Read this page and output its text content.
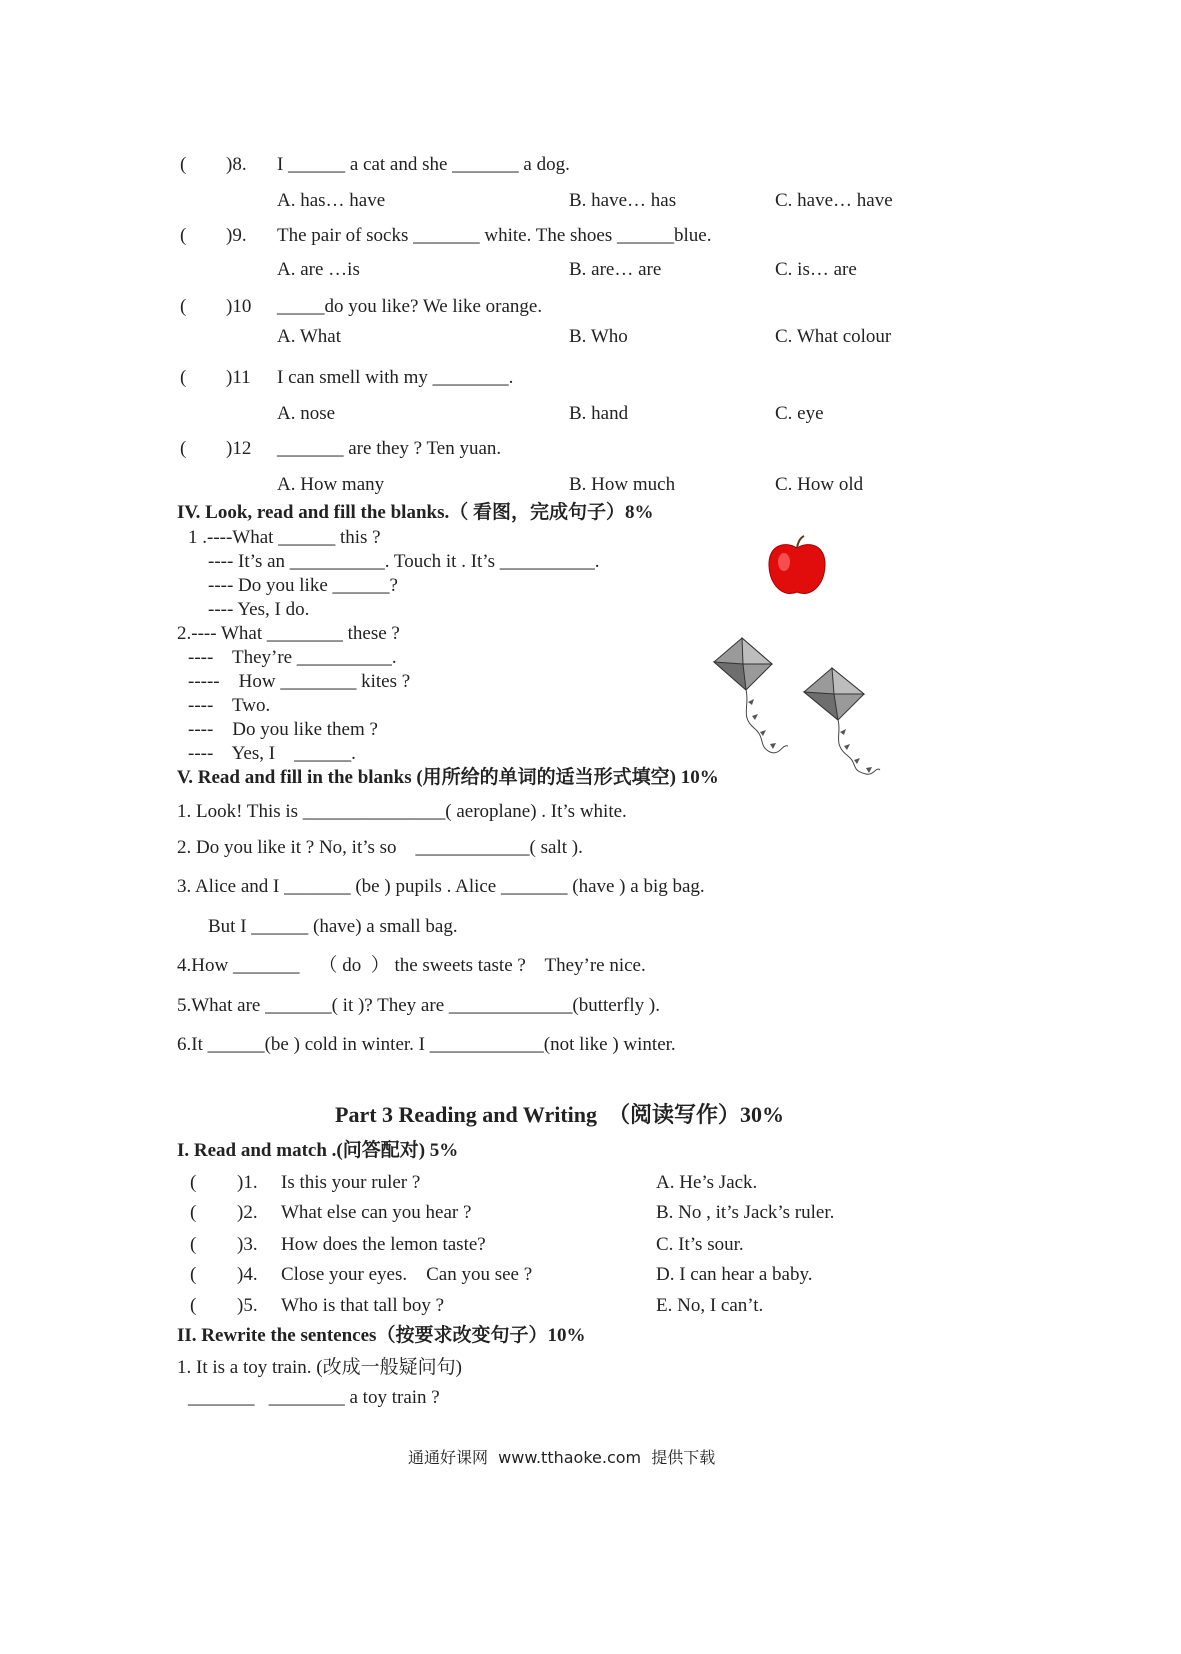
( )8. I ______ a cat and she _______ a dog.
A. has… have	B. have… has	C. have… have
( )9. The pair of socks _______ white. The shoes ______blue.
A. are …is	B. are… are	C. is… are
( )10 _____do you like? We like orange.
A. What	B. Who	C. What colour
( )11 I can smell with my ________.
A. nose	B. hand	C. eye
( )12 _______ are they ? Ten yuan.
A. How many	B. How much	C. How old
IV. Look, read and fill the blanks.（ 看图，完成句子）8%
1 .----What ______ this ?
---- It’s an __________. Touch it . It’s __________.
---- Do you like ______?
---- Yes, I do.
2.---- What ________ these ?
----    They’re __________.
-----    How ________ kites ?
----    Two.
----    Do you like them ?
----    Yes, I    ______.
V. Read and fill in the blanks (用所给的单词的适当形式填空) 10%
1. Look! This is _______________( aeroplane) . It’s white.
2. Do you like it ? No, it’s so    ____________( salt ).
3. Alice and I _______ (be ) pupils . Alice _______ (have ) a big bag.
But I ______ (have) a small bag.
4.How _______    （ do  ） the sweets taste ?    They’re nice.
5.What are _______( it )? They are _____________(butterfly ).
6.It ______(be ) cold in winter. I ____________(not like ) winter.
Part 3 Reading and Writing  （阅读写作）30%
I. Read and match .(问答配对) 5%
( )1. Is this your ruler ?	A. He’s Jack.
( )2. What else can you hear ?	B. No , it’s Jack’s ruler.
( )3. How does the lemon taste?	C. It’s sour.
( )4. Close your eyes.    Can you see ?	D. I can hear a baby.
( )5. Who is that tall boy ?	E. No, I can’t.
II. Rewrite the sentences（按要求改变句子）10%
1. It is a toy train. (改成一般疑问句)
_______   ________ a toy train ?
通通好课网  www.tthaoke.com  提供下载
